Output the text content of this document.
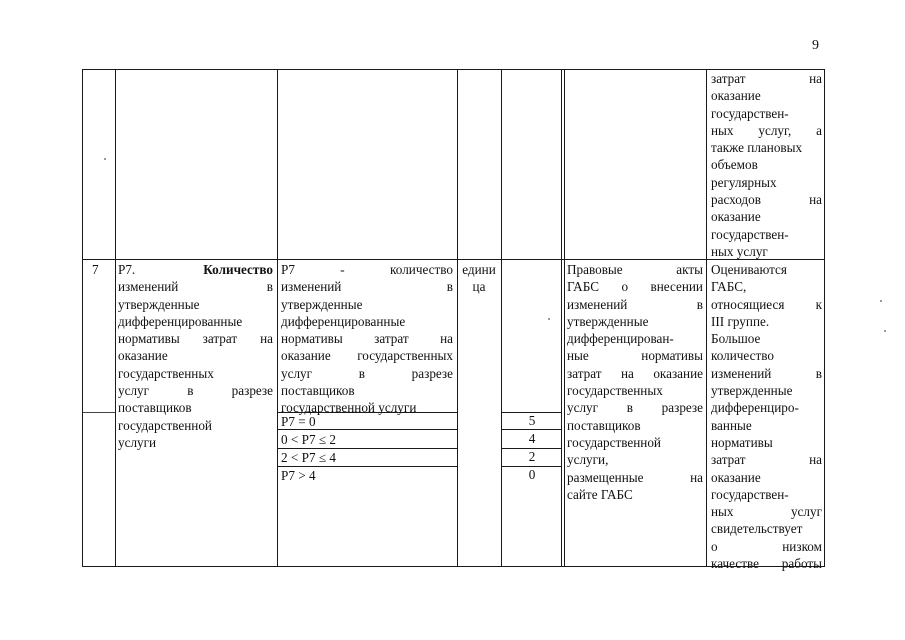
9
затрат на
оказание
государствен-
ных услуг, а
также плановых
объемов
регулярных
расходов на
оказание
государствен-
ных услуг
7 Р7.	Количество
изменений в
утвержденные
дифференцированные
нормативы затрат на
оказание
государственных
услуг в разрезе
поставщиков
государственной
услуги
Р7 - количество
изменений в
утвержденные
дифференцированные
нормативы затрат на
оказание государственных
услуг в разрезе
поставщиков
государственной услуги
Р7 = 0
0 < Р7 ≤ 2
2 < Р7 ≤ 4
Р7 > 4
едини
ца
5
4
2
0
Правовые акты
ГАБС о внесении
изменений в
утвержденные
дифференцирован-
ные нормативы
затрат на оказание
государственных
услуг в разрезе
поставщиков
государственной
услуги,
размещенные на
сайте ГАБС
Оцениваются
ГАБС,
относящиеся к
III группе.
Большое
количество
изменений в
утвержденные
дифференциро-
ванные
нормативы
затрат на
оказание
государствен-
ных услуг
свидетельствует
о низком
качестве работы
